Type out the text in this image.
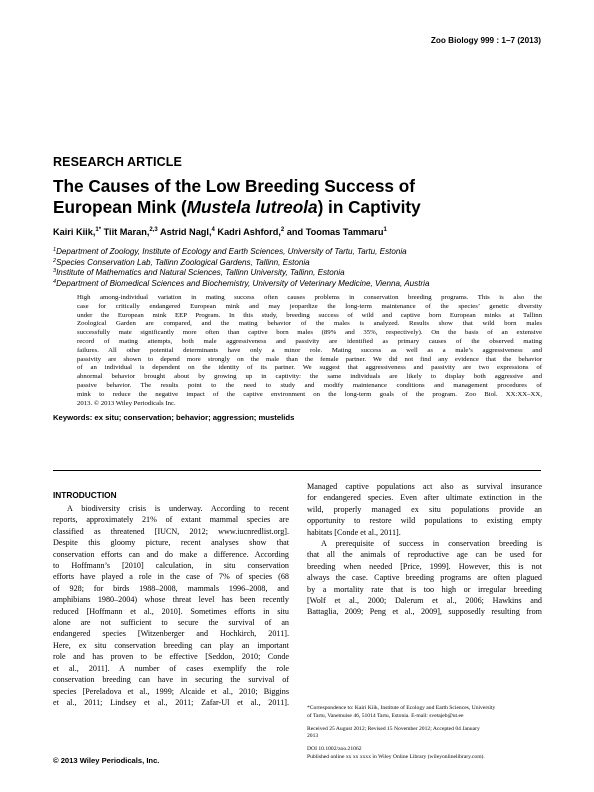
Zoo Biology 999 : 1–7 (2013)
RESEARCH ARTICLE
The Causes of the Low Breeding Success of
European Mink (Mustela lutreola) in Captivity
Kairi Kiik,$^{1*}$ Tiit Maran,$^{2,3}$ Astrid Nagl,$^4$ Kadri Ashford,$^2$ and Toomas Tammaru$^1$
$^1$Department of Zoology, Institute of Ecology and Earth Sciences, University of Tartu, Tartu, Estonia
$^2$Species Conservation Lab, Tallinn Zoological Gardens, Tallinn, Estonia
$^3$Institute of Mathematics and Natural Sciences, Tallinn University, Tallinn, Estonia
$^4$Department of Biomedical Sciences and Biochemistry, University of Veterinary Medicine, Vienna, Austria
High among-individual variation in mating success often causes problems in conservation breeding programs. This is also the
case for critically endangered European mink and may jeopardize the long-term maintenance of the species’ genetic diversity
under the European mink EEP Program. In this study, breeding success of wild and captive born European minks at Tallinn
Zoological Garden are compared, and the mating behavior of the males is analyzed. Results show that wild born males
successfully mate significantly more often than captive born males (89% and 35%, respectively). On the basis of an extensive
record of mating attempts, both male aggressiveness and passivity are identified as primary causes of the observed mating
failures. All other potential determinants have only a minor role. Mating success as well as a male’s aggressiveness and
passivity are shown to depend more strongly on the male than the female partner. We did not find any evidence that the behavior
of an individual is dependent on the identity of its partner. We suggest that aggressiveness and passivity are two expressions of
abnormal behavior brought about by growing up in captivity: the same individuals are likely to display both aggressive and
passive behavior. The results point to the need to study and modify maintenance conditions and management procedures of
mink to reduce the negative impact of the captive environment on the long-term goals of the program. Zoo Biol. XX:XX–XX,
2013. © 2013 Wiley Periodicals Inc.
Keywords: ex situ; conservation; behavior; aggression; mustelids
INTRODUCTION
A biodiversity crisis is underway. According to recent
reports, approximately 21% of extant mammal species are
classified as threatened [IUCN, 2012; www.iucnredlist.org].
Despite this gloomy picture, recent analyses show that
conservation efforts can and do make a difference. According
to Hoffmann’s [2010] calculation, in situ conservation
efforts have played a role in the case of 7% of species (68
of 928; for birds 1988–2008, mammals 1996–2008, and
amphibians 1980–2004) whose threat level has been recently
reduced [Hoffmann et al., 2010]. Sometimes efforts in situ
alone are not sufficient to secure the survival of an
endangered species [Witzenberger and Hochkirch, 2011].
Here, ex situ conservation breeding can play an important
role and has proven to be effective [Seddon, 2010; Conde
et al., 2011]. A number of cases exemplify the role
conservation breeding can have in securing the survival of
species [Pereladova et al., 1999; Alcaide et al., 2010; Biggins
et al., 2011; Lindsey et al., 2011; Zafar-Ul et al., 2011].
Managed captive populations act also as survival insurance
for endangered species. Even after ultimate extinction in the
wild, properly managed ex situ populations provide an
opportunity to restore wild populations to existing empty
habitats [Conde et al., 2011].
A prerequisite of success in conservation breeding is
that all the animals of reproductive age can be used for
breeding when needed [Price, 1999]. However, this is not
always the case. Captive breeding programs are often plagued
by a mortality rate that is too high or irregular breeding
[Wolf et al., 2000; Dalerum et al., 2006; Hawkins and
Battaglia, 2009; Peng et al., 2009], supposedly resulting from
*Correspondence to: Kairi Kiik, Institute of Ecology and Earth Sciences, University
of Tartu, Vanemuise 46, 51014 Tartu, Estonia. E-mail: svetajeb@ut.ee
Received 25 August 2012; Revised 15 November 2012; Accepted 04 January
2013
DOI 10.1002/zoo.21062
Published online xx xx xxxx in Wiley Online Library (wileyonlinelibrary.com).
© 2013 Wiley Periodicals, Inc.
